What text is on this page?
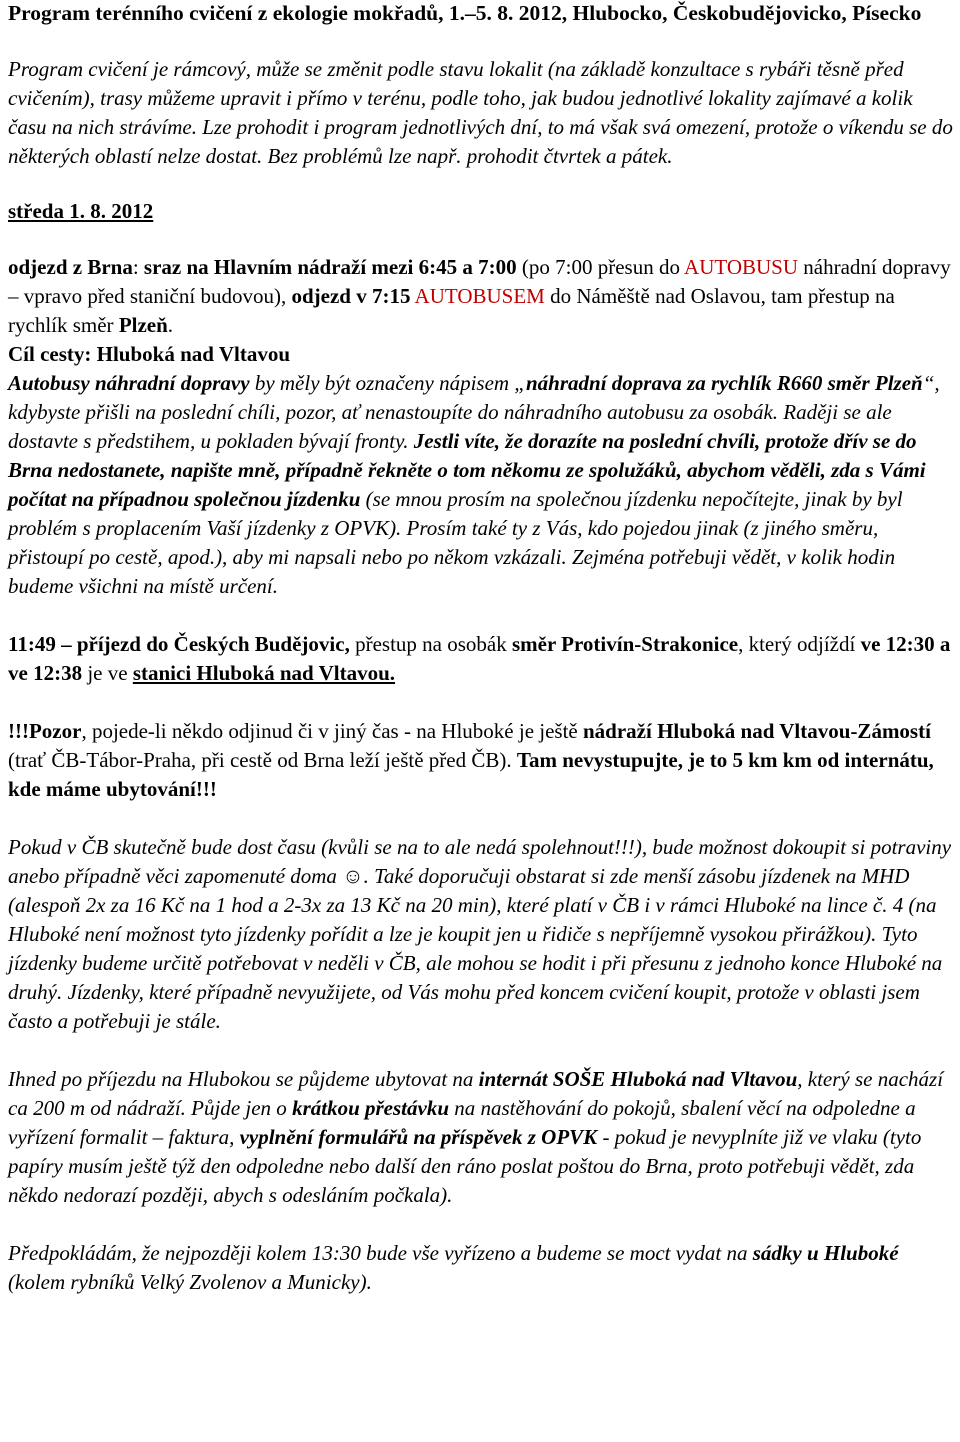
Program terénního cvičení z ekologie mokřadů, 1.–5. 8. 2012, Hlubocko, Českobudějovicko, Písecko

Program cvičení je rámcový, může se změnit podle stavu lokalit (na základě konzultace s rybáři těsně před cvičením), trasy můžeme upravit i přímo v terénu, podle toho, jak budou jednotlivé lokality zajímavé a kolik času na nich strávíme. Lze prohodit i program jednotlivých dní, to má však svá omezení, protože o víkendu se do některých oblastí nelze dostat. Bez problémů lze např. prohodit čtvrtek a pátek.

středa 1. 8. 2012

odjezd z Brna: sraz na Hlavním nádraží mezi 6:45 a 7:00 (po 7:00 přesun do AUTOBUSU náhradní dopravy – vpravo před staniční budovou), odjezd v 7:15 AUTOBUSEM do Náměště nad Oslavou, tam přestup na rychlík směr Plzeň.

Cíl cesty: Hluboká nad Vltavou

Autobusy náhradní dopravy by měly být označeny nápisem „náhradní doprava za rychlík R660 směr Plzeň“, kdybyste přišli na poslední chíli, pozor, ať nenastoupíte do náhradního autobusu za osobák. Raději se ale dostavte s předstihem, u pokladen bývají fronty. Jestli víte, že dorazíte na poslední chvíli, protože dřív se do Brna nedostanete, napište mně, případně řekněte o tom někomu ze spolužáků, abychom věděli, zda s Vámi počítat na případnou společnou jízdenku (se mnou prosím na společnou jízdenku nepočítejte, jinak by byl problém s proplacením Vaší jízdenky z OPVK). Prosím také ty z Vás, kdo pojedou jinak (z jiného směru, přistoupí po cestě, apod.), aby mi napsali nebo po někom vzkázali. Zejména potřebuji vědět, v kolik hodin budeme všichni na místě určení.

11:49 – příjezd do Českých Budějovic, přestup na osobák směr Protivín-Strakonice, který odjíždí ve 12:30 a ve 12:38 je ve stanici Hluboká nad Vltavou.

!!!Pozor, pojede-li někdo odjinud či v jiný čas - na Hluboké je ještě nádraží Hluboká nad Vltavou-Zámostí (trať ČB-Tábor-Praha, při cestě od Brna leží ještě před ČB). Tam nevystupujte, je to 5 km km od internátu, kde máme ubytování!!!

Pokud v ČB skutečně bude dost času (kvůli se na to ale nedá spolehnout!!!), bude možnost dokoupit si potraviny anebo případně věci zapomenuté doma ☺. Také doporučuji obstarat si zde menší zásobu jízdenek na MHD (alespoň 2x za 16 Kč na 1 hod a 2-3x za 13 Kč na 20 min), které platí v ČB i v rámci Hluboké na lince č. 4 (na Hluboké není možnost tyto jízdenky pořídit a lze je koupit jen u řidiče s nepříjemně vysokou přirážkou). Tyto jízdenky budeme určitě potřebovat v neděli v ČB, ale mohou se hodit i při přesunu z jednoho konce Hluboké na druhý. Jízdenky, které případně nevyužijete, od Vás mohu před koncem cvičení koupit, protože v oblasti jsem často a potřebuji je stále.

Ihned po příjezdu na Hlubokou se půjdeme ubytovat na internát SOŠE Hluboká nad Vltavou, který se nachází ca 200 m od nádraží. Půjde jen o krátkou přestávku na nastěhování do pokojů, sbalení věcí na odpoledne a vyřízení formalit – faktura, vyplnění formulářů na příspěvek z OPVK - pokud je nevyplníte již ve vlaku (tyto papíry musím ještě týž den odpoledne nebo další den ráno poslat poštou do Brna, proto potřebuji vědět, zda někdo nedorazí později, abych s odesláním počkala).

Předpokládám, že nejpozději kolem 13:30 bude vše vyřízeno a budeme se moct vydat na sádky u Hluboké (kolem rybníků Velký Zvolenov a Municky).
